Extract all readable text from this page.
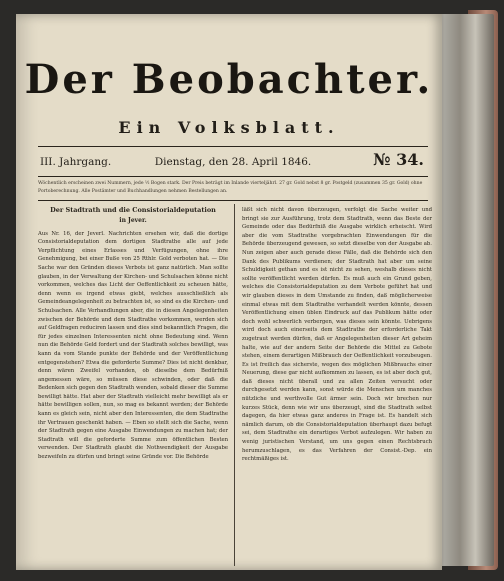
Der Beobachter.
Ein Volksblatt.
III. Jahrgang.	Dienstag, den 28. April 1846.	№ 34.
Wöchentlich erscheinen zwei Nummern, jede ½ Bogen stark. Der Preis beträgt im Inlande vierteljährl. 27 gr. Gold nebst 8 gr. Postgeld (zusammen 35 gr. Gold) ohne Portoberechnung. Alle Postämter und Buchhandlungen nehmen Bestellungen an.
Der Stadtrath und die Consistorialdeputation
in Jever.

Aus Nr. 16, der Jeverl. Nachrichten ersehen wir, daß die dortige Consistorialdeputation dem dortigen Stadtrathe alle auf jede Verpflichtung eines Erlasses und Verfügungen, ohne ihre Genehmigung, bei einer Buße von 25 Rthlr. Gold verboten hat. — Die Sache war den Gründen dieses Verbots ist ganz natürlich. Man sollte glauben, in der Verwaltung der Kirchen- und Schulsachen könne nicht vorkommen, welches das Licht der Oeffentlichkeit zu scheuen hätte, denn wenn es irgend etwas giebt, welches ausschließlich als Gemeindeangelegenheit zu betrachten ist, so sind es die Kirchen- und Schulsachen. Alle Verhandlungen aber, die in diesen Angelegenheiten zwischen der Behörde und dem Stadtrathe vorkommen, werden sich auf Geldfragen reduciren lassen und dies sind bekanntlich Fragen, die für jedes einzelnen Interessenten nicht ohne Bedeutung sind. Wenn nun die Behörde Geld fordert und der Stadtrath solches bewilligt, was kann da vom Stande punkte der Behörde und der Veröffentlichung entgegenstehen? Etwa die geforderte Summe? Dies ist nicht denkbar, denn wären Zweifel vorhanden, ob dieselbe dem Bedürfniß angemessen wäre, so müssen diese schwinden, oder daß die Bedenken sich gegen den Stadtrath wenden, sobald dieser die Summe bewilligt hätte. Hat aber der Stadtrath vielleicht mehr bewilligt als er hätte bewilligen sollen, nun, so mag es bekannt werden; der Behörde kann es gleich sein, nicht aber den Interessenten, die dem Stadtrathe ihr Vertrauen geschenkt haben. — Eben so stellt sich die Sache, wenn der Stadtrath gegen eine Ausgabe Einwendungen zu machen hat; der Stadtrath will die geforderte Summe zum öffentlichen Besten verwenden. Der Stadtrath glaubt die Nothwendigkeit der Ausgabe bezweifeln zu dürfen und bringt seine Gründe vor. Die Behörde

läßt sich nicht davon überzeugen, verfolgt die Sache weiter und bringt sie zur Ausführung, trotz dem Stadtrath, wenn das Beste der Gemeinde oder das Bedürfniß die Ausgabe wirklich erheischt. Wird aber die vom Stadtrathe vorgebrachten Einwendungen für die Behörde überzeugend gewesen, so setzt dieselbe von der Ausgabe ab. Nun zeigen aber auch gerade diese Fälle, daß die Behörde sich den Dank des Publikums verdienen; der Stadtrath hat aber um seine Schuldigkeit gethan und es ist nicht zu sehen, weshalb dieses nicht sollte veröffentlicht werden dürfen. Es muß auch ein Grund geben, welches die Consistorialdeputation zu dem Verbote geführt hat und wir glauben dieses in dem Umstande zu finden, daß möglicherweise einmal etwas mit dem Stadtrathe verhandelt werden könnte, dessen Veröffentlichung einen üblen Eindruck auf das Publikum hätte oder doch wohl schwerlich verbergen, was dieses sein könnte. Uebrigens wird doch auch einerseits dem Stadtrathe der erforderliche Takt zugetraut werden dürfen, daß er Angelegenheiten dieser Art geheim halte, wie auf der andern Seite der Behörde die Mittel zu Gebote stehen, einem derartigen Mißbrauch der Oeffentlichkeit vorzubeugen. Es ist freilich das sicherste, wegen des möglichen Mißbrauchs einer Neuerung, diese gar nicht aufkommen zu lassen, es ist aber doch gut, daß dieses nicht überall und zu allen Zeiten versucht oder durchgesetzt werden kann, sonst würde die Menschen um manches nützliche und werthvolle Gut ärmer sein. Doch wir brechen nur kurzes Stück, denn wie wir uns überzeugt, sind die Stadtrath selbst dagegen, da hier etwas ganz anderes in Frage ist. Es handelt sich nämlich darum, ob die Consistorialdeputation überhaupt dazu befugt sei, dem Stadtrathe ein derartiges Verbot aufzulegen. Wir haben zu wenig juristischen Verstand, um uns gegen einen Rechtsbruch herumzuschlagen, es das Verfahren der Consist.-Dep. ein rechtmäßiges ist.
